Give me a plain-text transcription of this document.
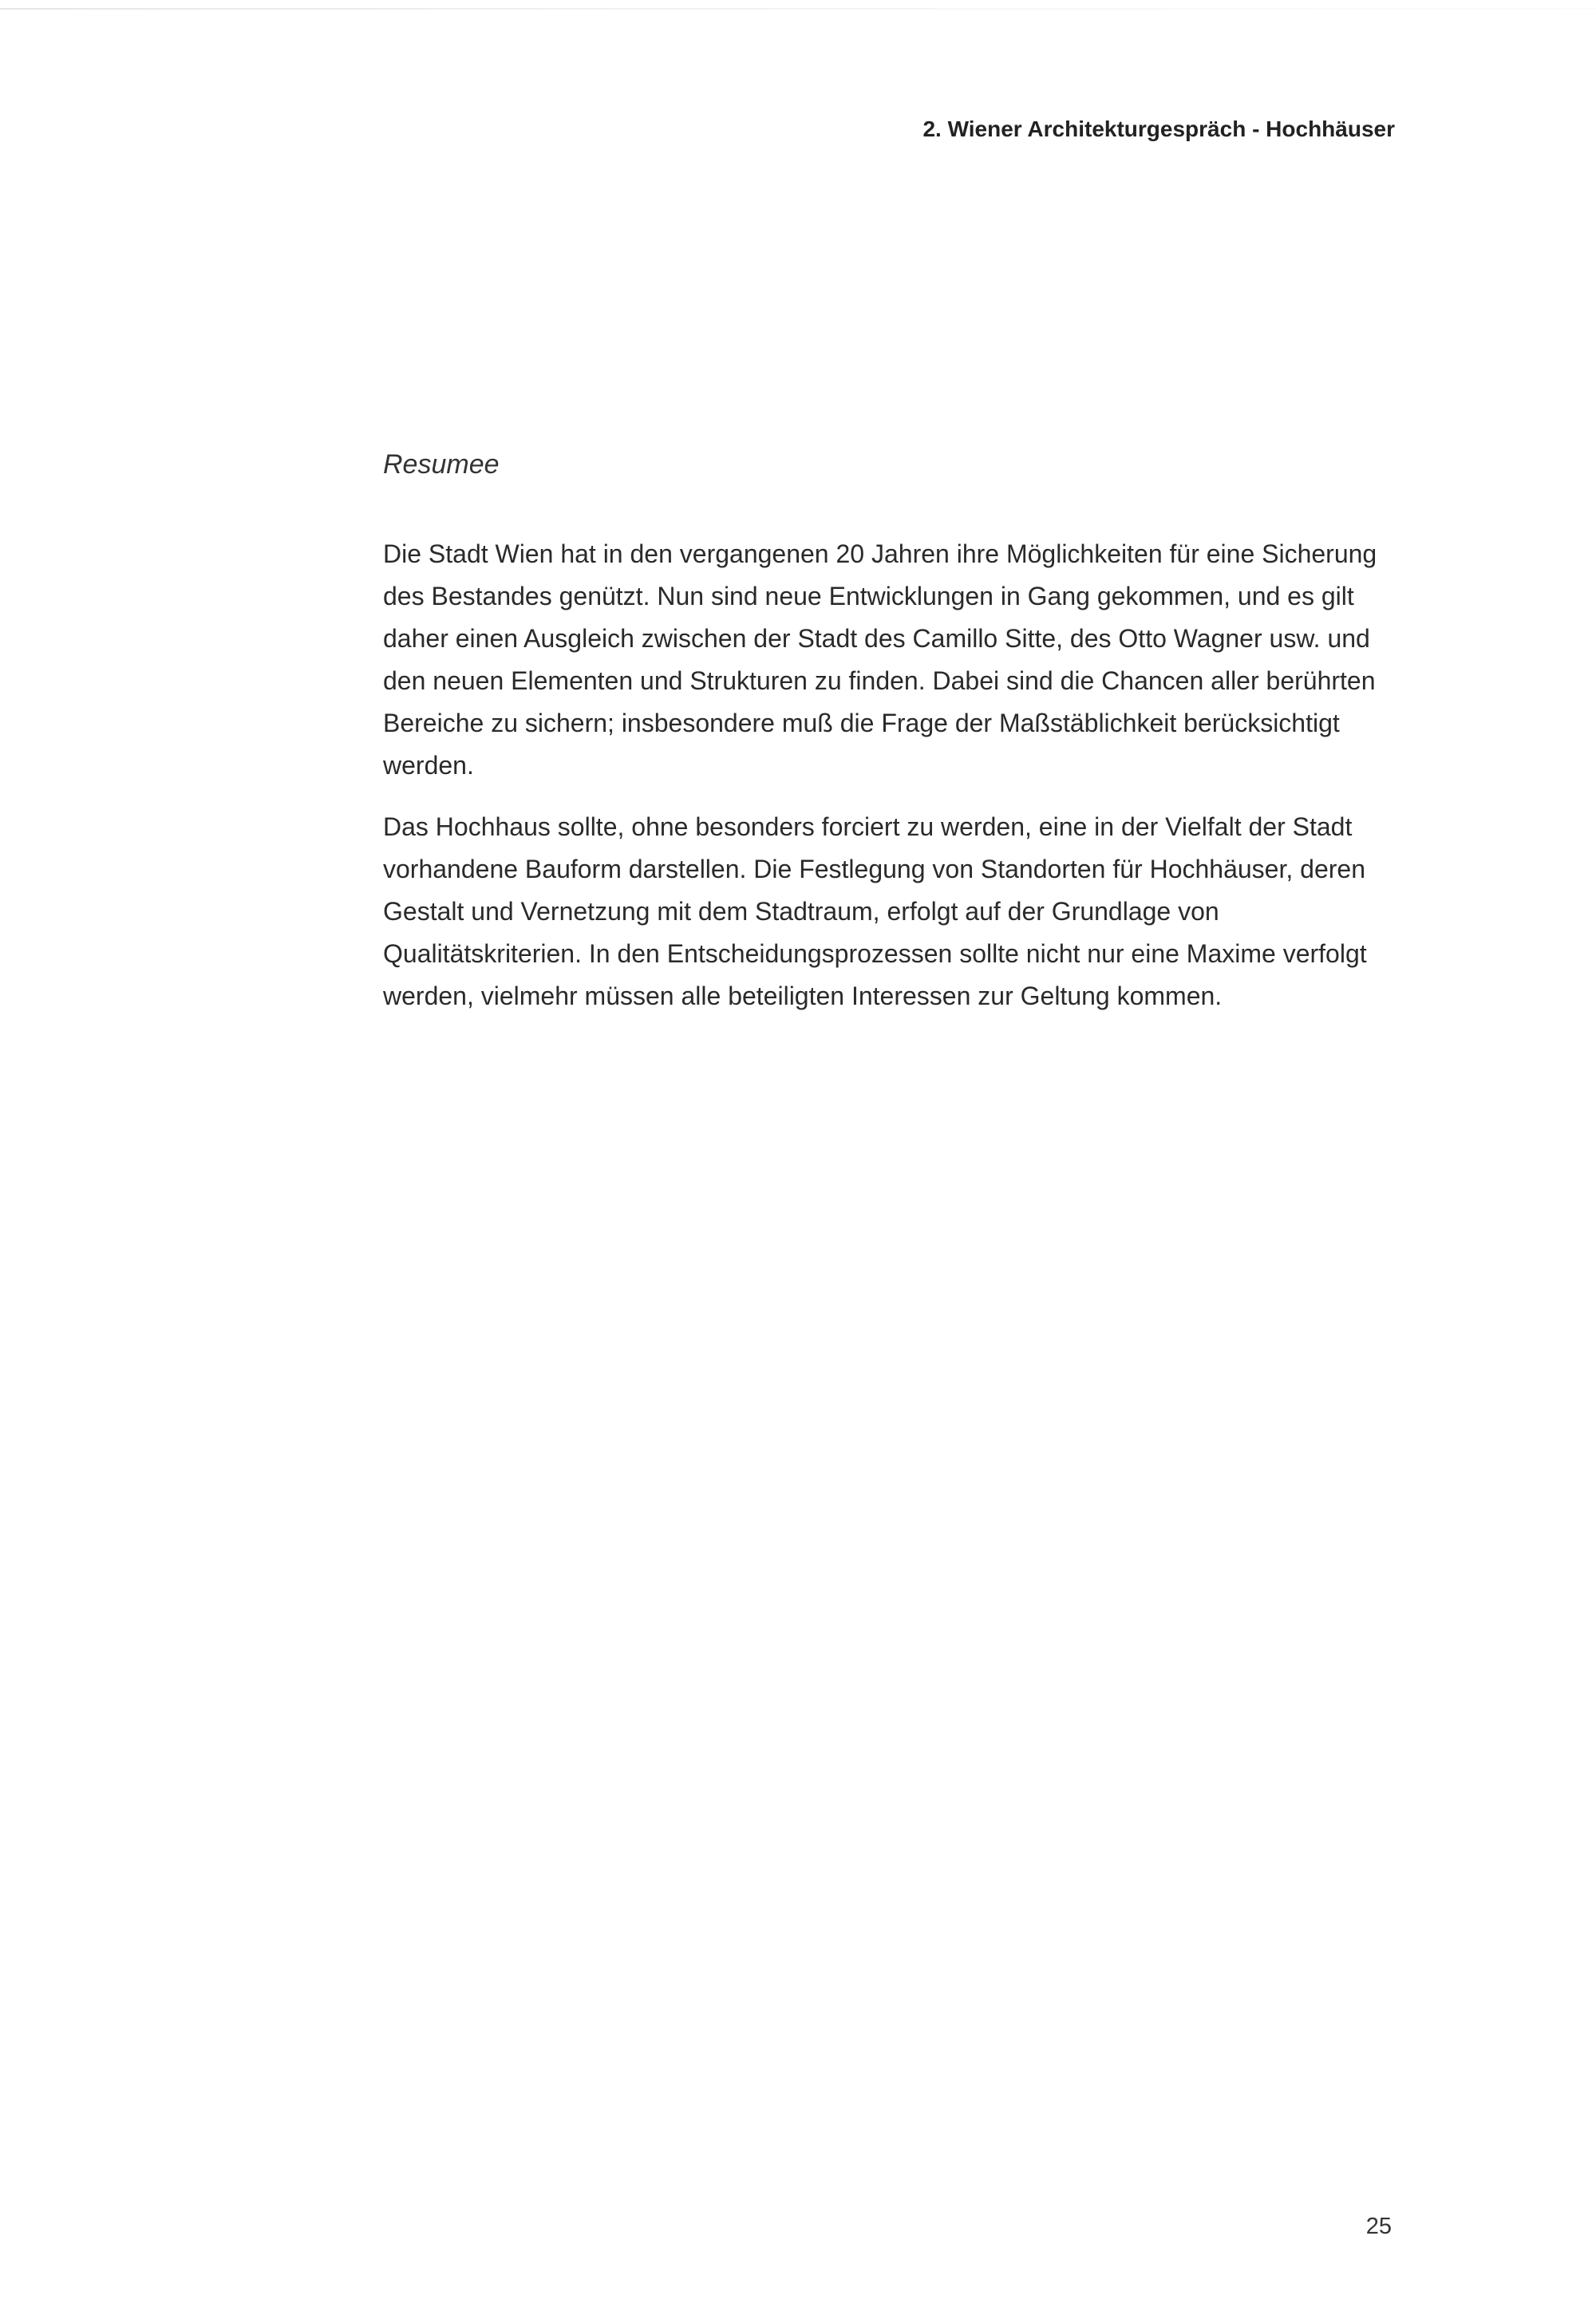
2. Wiener Architekturgespräch - Hochhäuser
Resumee

Die Stadt Wien hat in den vergangenen 20 Jahren ihre Möglichkeiten für eine Sicherung
des Bestandes genützt. Nun sind neue Entwicklungen in Gang gekommen, und es gilt
daher einen Ausgleich zwischen der Stadt des Camillo Sitte, des Otto Wagner usw. und
den neuen Elementen und Strukturen zu finden. Dabei sind die Chancen aller berührten
Bereiche zu sichern; insbesondere muß die Frage der Maßstäblichkeit berücksichtigt
werden.

Das Hochhaus sollte, ohne besonders forciert zu werden, eine in der Vielfalt der Stadt
vorhandene Bauform darstellen. Die Festlegung von Standorten für Hochhäuser, deren
Gestalt und Vernetzung mit dem Stadtraum, erfolgt auf der Grundlage von
Qualitätskriterien. In den Entscheidungsprozessen sollte nicht nur eine Maxime verfolgt
werden, vielmehr müssen alle beteiligten Interessen zur Geltung kommen.

25
